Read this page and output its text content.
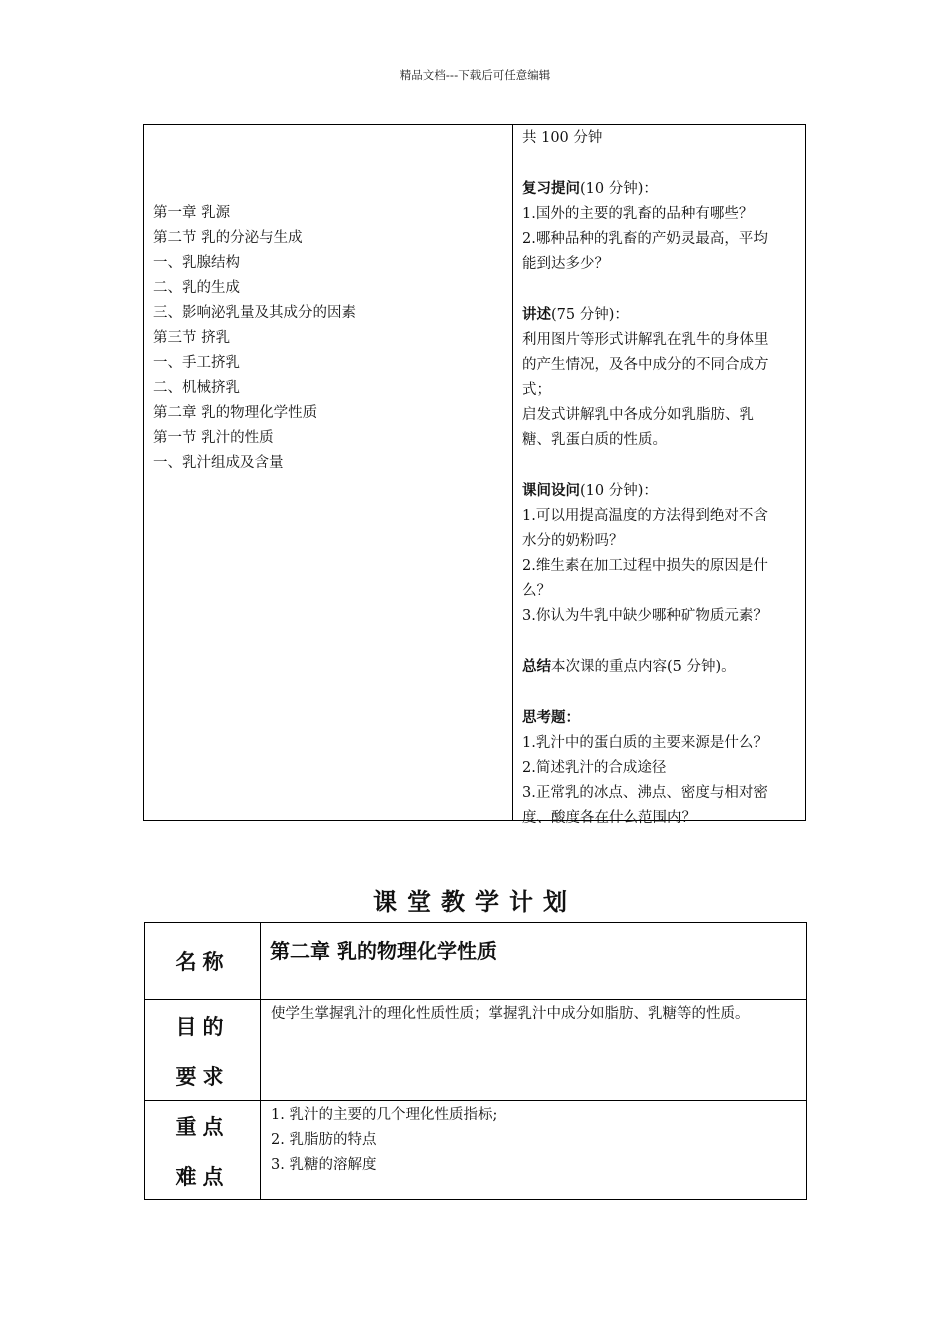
精品文档---下载后可任意编辑
第一章 乳源
第二节 乳的分泌与生成
一、乳腺结构
二、乳的生成
三、影响泌乳量及其成分的因素
第三节 挤乳
一、手工挤乳
二、机械挤乳
第二章 乳的物理化学性质
第一节 乳汁的性质
一、乳汁组成及含量
共 100 分钟
复习提问(10 分钟)：
1.国外的主要的乳畜的品种有哪些？
2.哪种品种的乳畜的产奶灵最高，平均
能到达多少？
讲述(75 分钟)：
利用图片等形式讲解乳在乳牛的身体里
的产生情况，及各中成分的不同合成方
式；
启发式讲解乳中各成分如乳脂肪、乳
糖、乳蛋白质的性质。
课间设问(10 分钟)：
1.可以用提高温度的方法得到绝对不含
水分的奶粉吗？
2.维生素在加工过程中损失的原因是什
么？
3.你认为牛乳中缺少哪种矿物质元素？
总结本次课的重点内容(5 分钟)。
思考题：
1.乳汁中的蛋白质的主要来源是什么？
2.简述乳汁的合成途径
3.正常乳的冰点、沸点、密度与相对密
度、酸度各在什么范围内？
课堂教学计划
名称	第二章 乳的物理化学性质
目的
要求
使学生掌握乳汁的理化性质性质；掌握乳汁中成分如脂肪、乳糖等的性质。
重点
难点
1. 乳汁的主要的几个理化性质指标;
2. 乳脂肪的特点
3. 乳糖的溶解度
